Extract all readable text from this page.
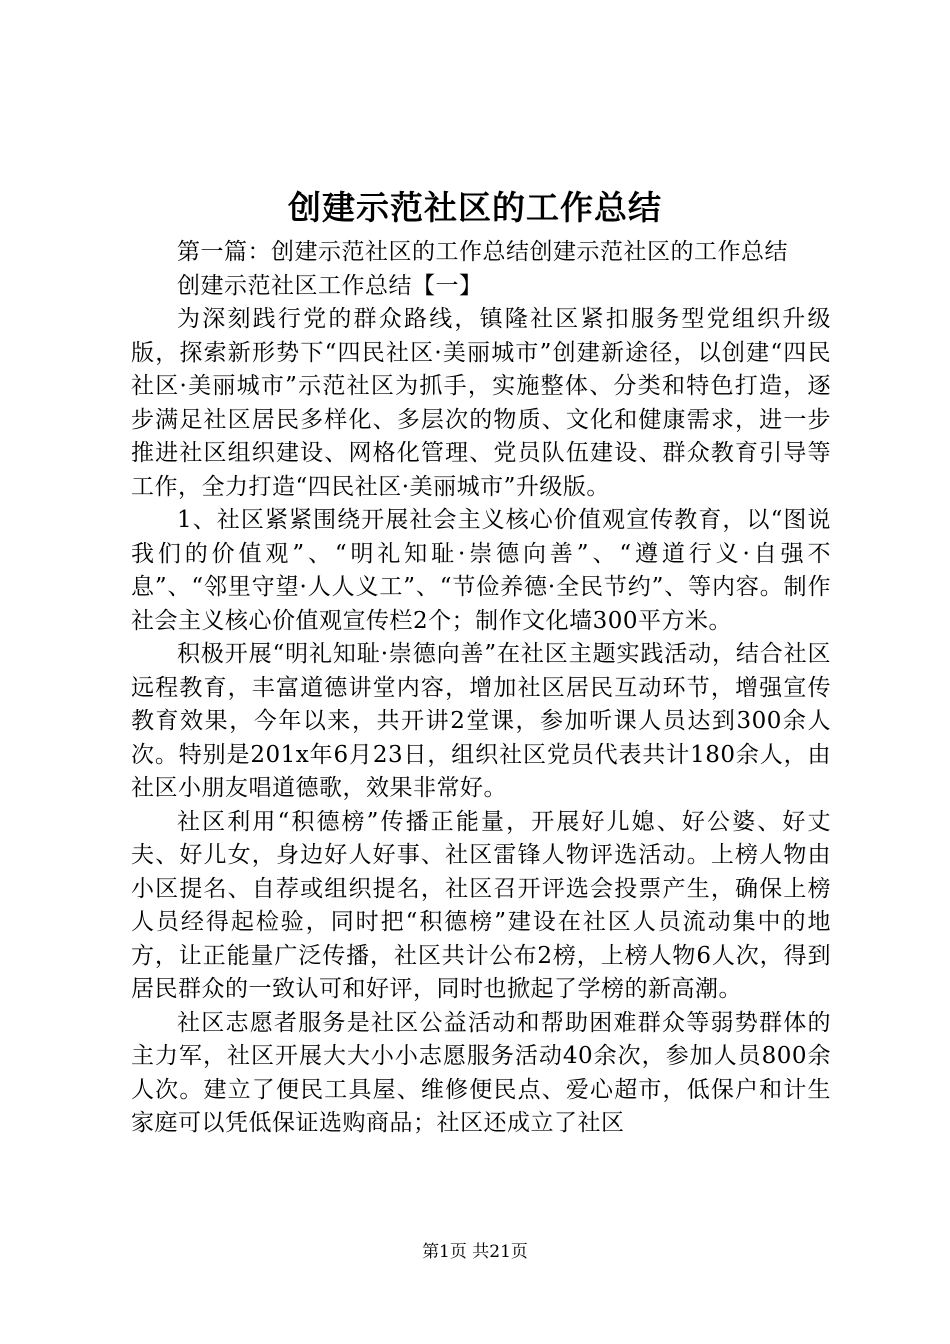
创建示范社区的工作总结

第一篇：创建示范社区的工作总结创建示范社区的工作总结

创建示范社区工作总结【一】

为深刻践行党的群众路线，镇隆社区紧扣服务型党组织升级版，探索新形势下“四民社区·美丽城市”创建新途径，以创建“四民社区·美丽城市”示范社区为抓手，实施整体、分类和特色打造，逐步满足社区居民多样化、多层次的物质、文化和健康需求，进一步推进社区组织建设、网格化管理、党员队伍建设、群众教育引导等工作，全力打造“四民社区·美丽城市”升级版。

1、社区紧紧围绕开展社会主义核心价值观宣传教育，以“图说我们的价值观”、“明礼知耻·崇德向善”、“遵道行义·自强不息”、“邻里守望·人人义工”、“节俭养德·全民节约”、等内容。制作社会主义核心价值观宣传栏2个；制作文化墙300平方米。

积极开展“明礼知耻·崇德向善”在社区主题实践活动，结合社区远程教育，丰富道德讲堂内容，增加社区居民互动环节，增强宣传教育效果，今年以来，共开讲2堂课，参加听课人员达到300余人次。特别是201x年6月23日，组织社区党员代表共计180余人，由社区小朋友唱道德歌，效果非常好。

社区利用“积德榜”传播正能量，开展好儿媳、好公婆、好丈夫、好儿女，身边好人好事、社区雷锋人物评选活动。上榜人物由小区提名、自荐或组织提名，社区召开评选会投票产生，确保上榜人员经得起检验，同时把“积德榜”建设在社区人员流动集中的地方，让正能量广泛传播，社区共计公布2榜，上榜人物6人次，得到居民群众的一致认可和好评，同时也掀起了学榜的新高潮。

社区志愿者服务是社区公益活动和帮助困难群众等弱势群体的主力军，社区开展大大小小志愿服务活动40余次，参加人员800余人次。建立了便民工具屋、维修便民点、爱心超市，低保户和计生家庭可以凭低保证选购商品；社区还成立了社区

第1页 共21页
